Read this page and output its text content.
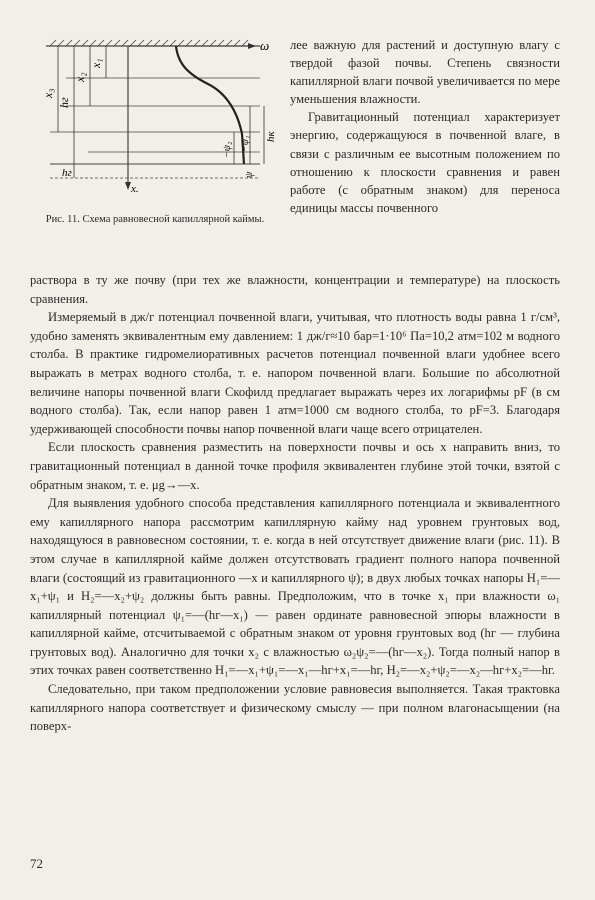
ω
x.
x₃
hг
x₂
x₁
hг
hк
−ψ₁
−ψ₂
ψ
Рис. 11. Схема равновесной капиллярной каймы.

лее важную для растений и доступную влагу с твердой фазой почвы. Степень связности капиллярной влаги почвой увеличивается по мере уменьшения влажности.

Гравитационный потенциал характеризует энергию, содержащуюся в почвенной влаге, в связи с различным ее высотным положением по отношению к плоскости сравнения и равен работе (с обратным знаком) для переноса единицы массы почвенного

раствора в ту же почву (при тех же влажности, концентрации и температуре) на плоскость сравнения.

Измеряемый в дж/г потенциал почвенной влаги, учитывая, что плотность воды равна 1 г/см³, удобно заменять эквивалентным ему давлением: 1 дж/г≈10 бар=1·10⁶ Па=10,2 атм=102 м водного столба. В практике гидромелиоративных расчетов потенциал почвенной влаги удобнее всего выражать в метрах водного столба, т. е. напором почвенной влаги. Большие по абсолютной величине напоры почвенной влаги Скофилд предлагает выражать через их логарифмы pF (в см водного столба). Так, если напор равен 1 атм=1000 см водного столба, то pF=3. Благодаря удерживающей способности почвы напор почвенной влаги чаще всего отрицателен.

Если плоскость сравнения разместить на поверхности почвы и ось x направить вниз, то гравитационный потенциал в данной точке профиля эквивалентен глубине этой точки, взятой с обратным знаком, т. е. μg→—x.

Для выявления удобного способа представления капиллярного потенциала и эквивалентного ему капиллярного напора рассмотрим капиллярную кайму над уровнем грунтовых вод, находящуюся в равновесном состоянии, т. е. когда в ней отсутствует движение влаги (рис. 11). В этом случае в капиллярной кайме должен отсутствовать градиент полного напора почвенной влаги (состоящий из гравитационного —x и капиллярного ψ); в двух любых точках напоры H₁=—x₁+ψ₁ и H₂=—x₂+ψ₂ должны быть равны. Предположим, что в точке x₁ при влажности ω₁ капиллярный потенциал ψ₁=—(hг—x₁) — равен ординате равновесной эпюры влажности в капиллярной кайме, отсчитываемой с обратным знаком от уровня грунтовых вод (hг — глубина грунтовых вод). Аналогично для точки x₂ с влажностью ω₂ψ₂=—(hг—x₂). Тогда полный напор в этих точках равен соответственно H₁=—x₁+ψ₁=—x₁—hг+x₁=—hг, H₂=—x₂+ψ₂=—x₂—hг+x₂=—hг.

Следовательно, при таком предположении условие равновесия выполняется. Такая трактовка капиллярного напора соответствует и физическому смыслу — при полном влагонасыщении (на поверх-

72
